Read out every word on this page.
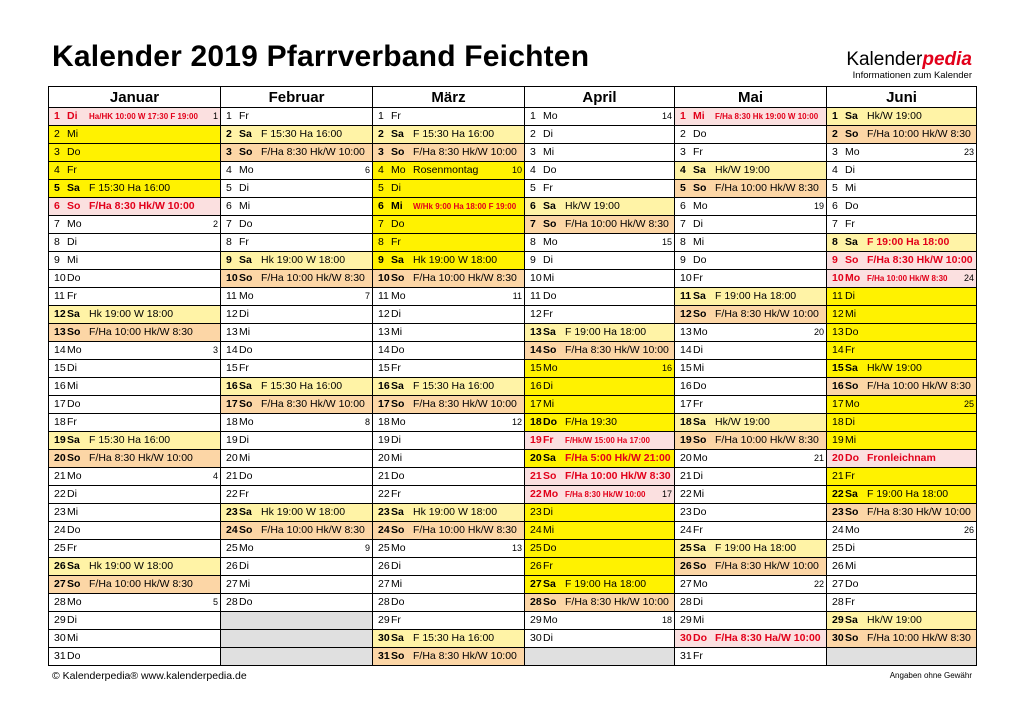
Kalender 2019 Pfarrverband Feichten	Kalenderpedia
Informationen zum Kalender
Januar	Februar	März	April	Mai	Juni

1 Di Ha/HK 10:00 W 17:30 F 19:00 1	1 Fr	1 Fr	1 Mo 14	1 Mi F/Ha 8:30 Hk 19:00 W 10:00	1 Sa Hk/W 19:00

2 Mi	2 Sa F 15:30 Ha 16:00	2 Sa F 15:30 Ha 16:00	2 Di	2 Do	2 So F/Ha 10:00 Hk/W 8:30

3 Do	3 So F/Ha 8:30 Hk/W 10:00	3 So F/Ha 8:30 Hk/W 10:00	3 Mi	3 Fr	3 Mo 23

4 Fr	4 Mo 6	4 Mo Rosenmontag 10	4 Do	4 Sa Hk/W 19:00	4 Di

5 Sa F 15:30 Ha 16:00	5 Di	5 Di	5 Fr	5 So F/Ha 10:00 Hk/W 8:30	5 Mi

6 So F/Ha 8:30 Hk/W 10:00	6 Mi	6 Mi W/Hk 9:00 Ha 18:00 F 19:00	6 Sa Hk/W 19:00	6 Mo 19	6 Do

7 Mo 2	7 Do	7 Do	7 So F/Ha 10:00 Hk/W 8:30	7 Di	7 Fr

8 Di	8 Fr	8 Fr	8 Mo 15	8 Mi	8 Sa F 19:00 Ha 18:00

9 Mi	9 Sa Hk 19:00 W 18:00	9 Sa Hk 19:00 W 18:00	9 Di	9 Do	9 So F/Ha 8:30 Hk/W 10:00

10Do	10So F/Ha 10:00 Hk/W 8:30	10So F/Ha 10:00 Hk/W 8:30	10Mi	10Fr	10Mo F/Ha 10:00 Hk/W 8:30 24

11 Fr	11 Mo 7	11 Mo 11	11 Do	11 Sa F 19:00 Ha 18:00	11 Di

12Sa Hk 19:00 W 18:00	12Di	12Di	12Fr	12So F/Ha 8:30 Hk/W 10:00	12Mi

13So F/Ha 10:00 Hk/W 8:30	13Mi	13Mi	13Sa F 19:00 Ha 18:00	13Mo 20	13Do

14Mo 3	14Do	14Do	14So F/Ha 8:30 Hk/W 10:00	14Di	14Fr

15Di	15Fr	15Fr	15Mo 16	15Mi	15Sa Hk/W 19:00

16Mi	16Sa F 15:30 Ha 16:00	16Sa F 15:30 Ha 16:00	16Di	16Do	16So F/Ha 10:00 Hk/W 8:30

17Do	17So F/Ha 8:30 Hk/W 10:00	17So F/Ha 8:30 Hk/W 10:00	17Mi	17Fr	17Mo 25

18Fr	18Mo 8	18Mo 12	18Do F/Ha 19:30	18Sa Hk/W 19:00	18Di

19Sa F 15:30 Ha 16:00	19Di	19Di	19Fr F/Hk/W 15:00 Ha 17:00	19So F/Ha 10:00 Hk/W 8:30	19Mi

20So F/Ha 8:30 Hk/W 10:00	20Mi	20Mi	20Sa F/Ha 5:00 Hk/W 21:00	20Mo 21	20Do Fronleichnam

21Mo 4	21Do	21Do	21So F/Ha 10:00 Hk/W 8:30	21Di	21Fr

22Di	22Fr	22Fr	22Mo F/Ha 8:30 Hk/W 10:00 17	22Mi	22Sa F 19:00 Ha 18:00

23Mi	23Sa Hk 19:00 W 18:00	23Sa Hk 19:00 W 18:00	23Di	23Do	23So F/Ha 8:30 Hk/W 10:00

24Do	24So F/Ha 10:00 Hk/W 8:30	24So F/Ha 10:00 Hk/W 8:30	24Mi	24Fr	24Mo 26

25Fr	25Mo 9	25Mo 13	25Do	25Sa F 19:00 Ha 18:00	25Di

26Sa Hk 19:00 W 18:00	26Di	26Di	26Fr	26So F/Ha 8:30 Hk/W 10:00	26Mi

27So F/Ha 10:00 Hk/W 8:30	27Mi	27Mi	27Sa F 19:00 Ha 18:00	27Mo 22	27Do

28Mo 5	28Do	28Do	28So F/Ha 8:30 Hk/W 10:00	28Di	28Fr

29Di		29Fr	29Mo 18	29Mi	29Sa Hk/W 19:00

30Mi		30Sa F 15:30 Ha 16:00	30Di	30Do F/Ha 8:30 Ha/W 10:00	30So F/Ha 10:00 Hk/W 8:30

31Do		31So F/Ha 8:30 Hk/W 10:00		31Fr	

© Kalenderpedia® www.kalenderpedia.de	Angaben ohne Gewähr
